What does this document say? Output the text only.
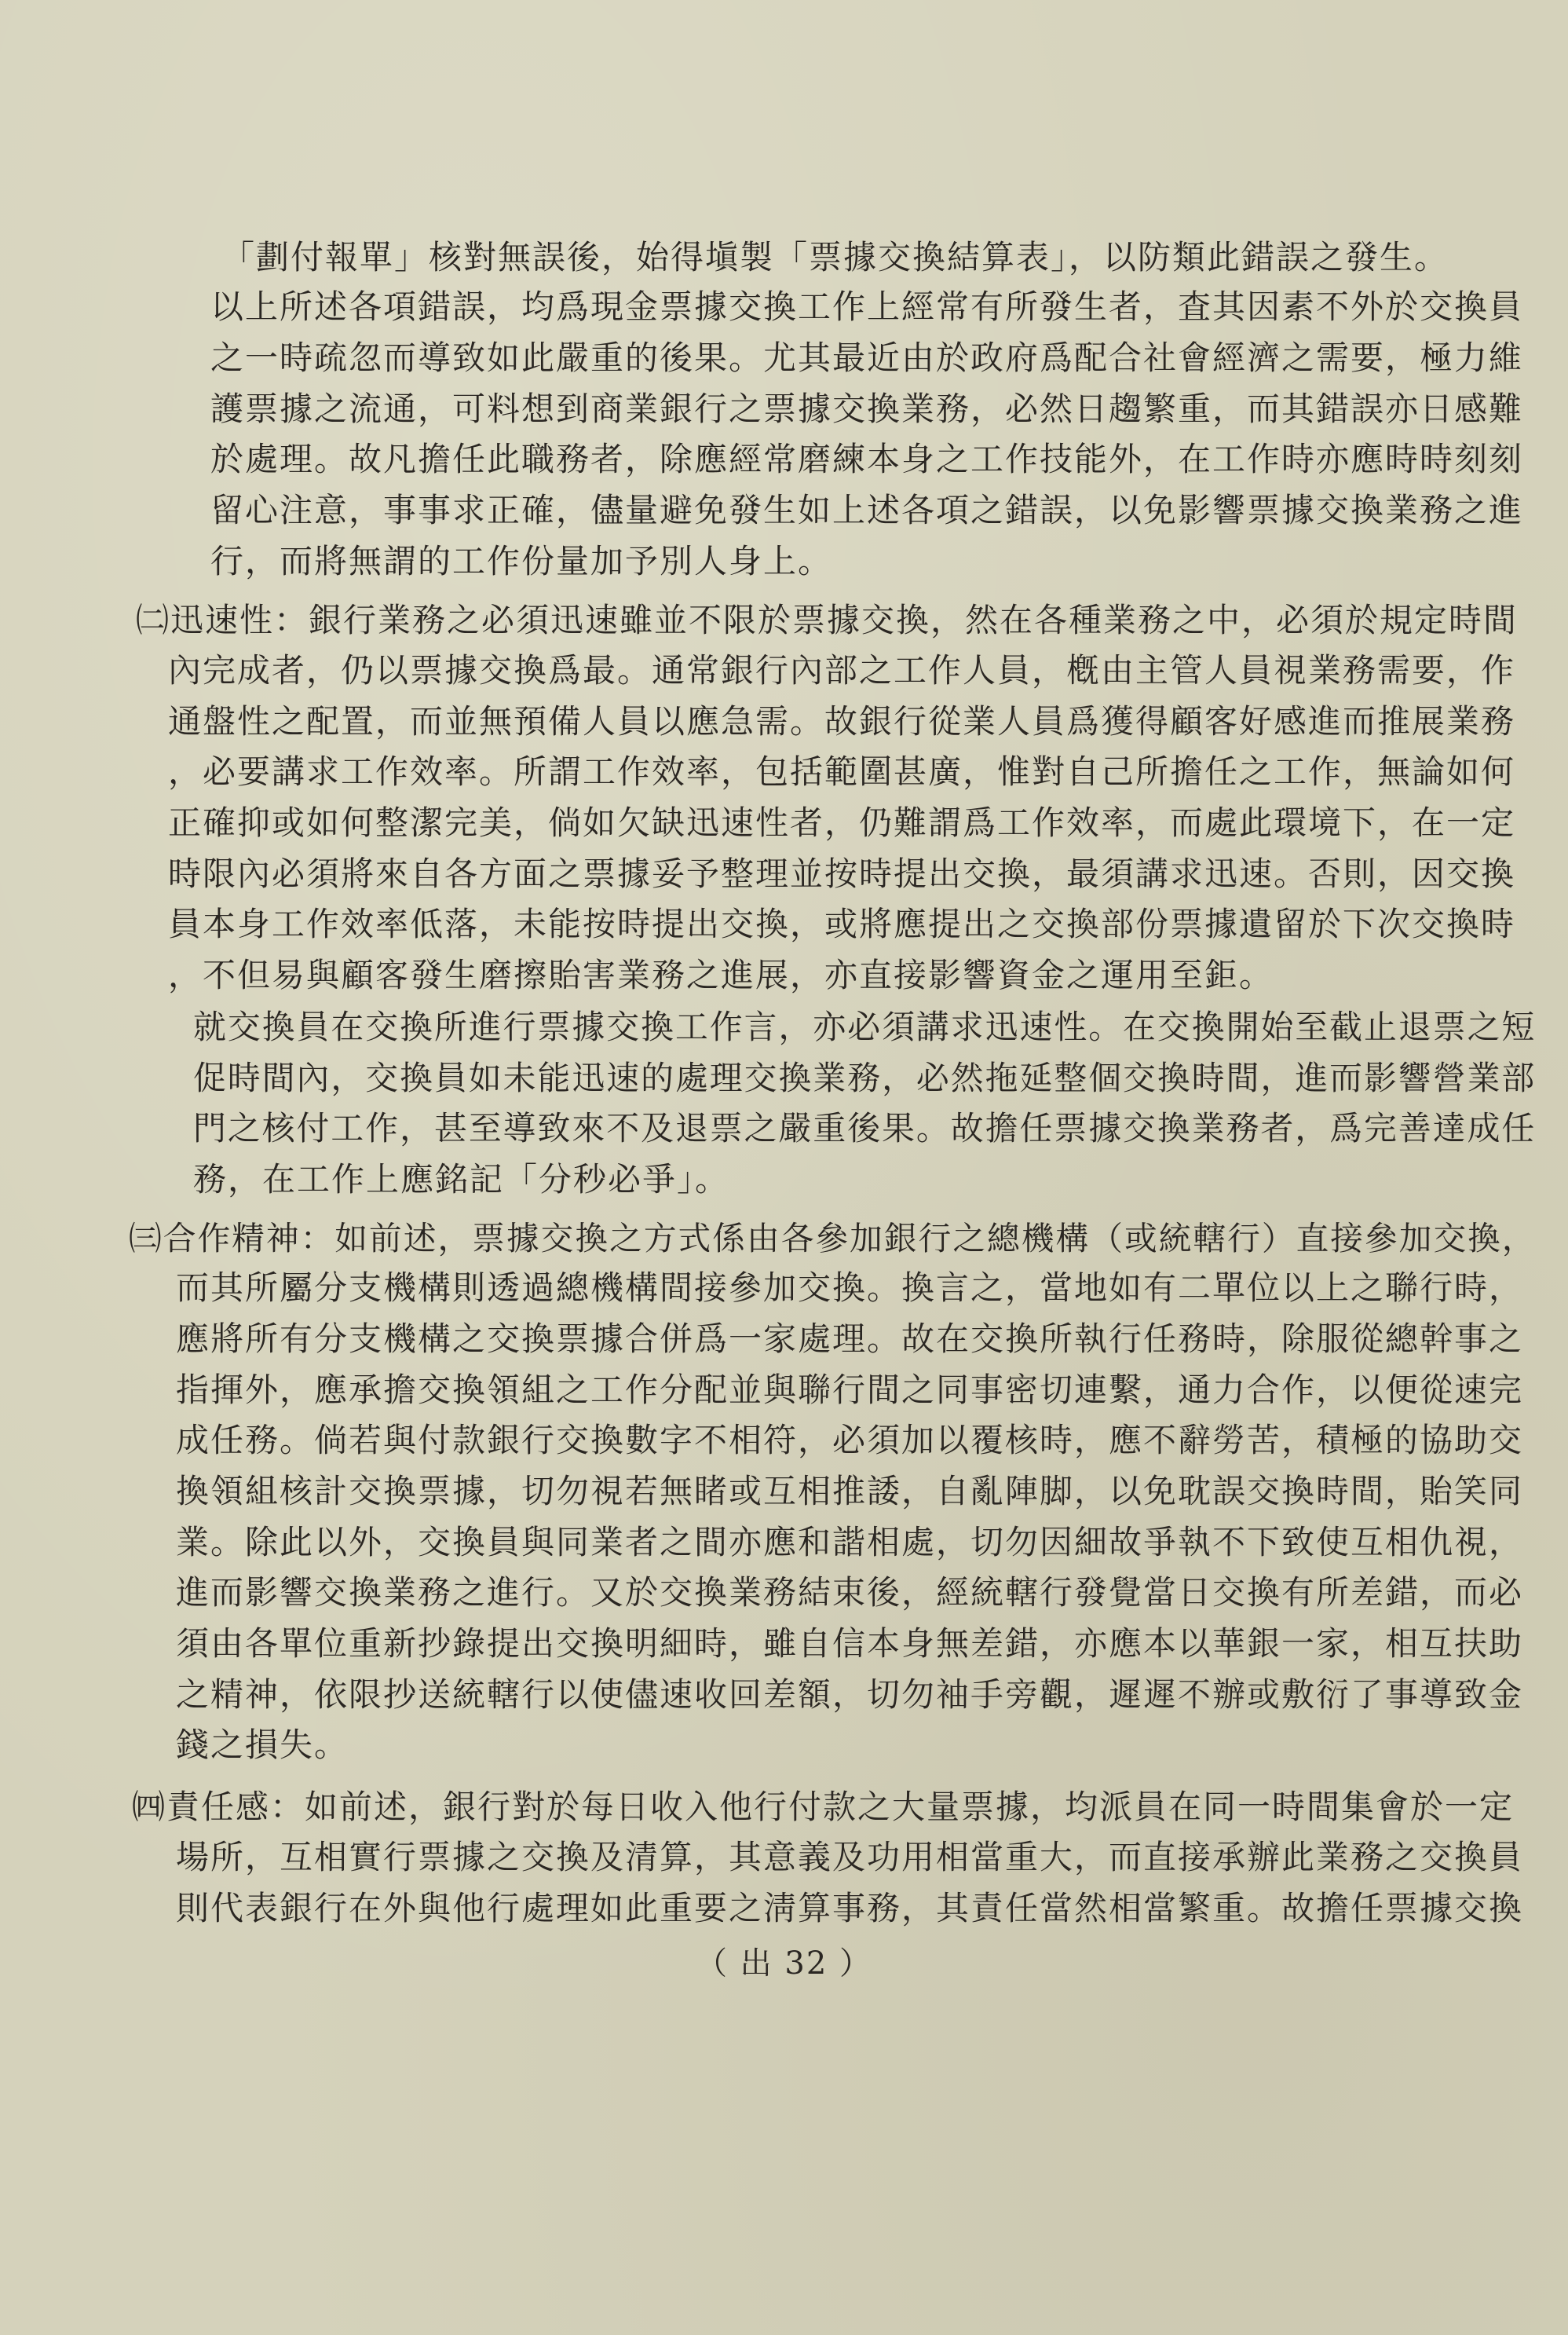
「劃付報單」核對無誤後，始得塡製「票據交換結算表」，以防類此錯誤之發生。
以上所述各項錯誤，均爲現金票據交換工作上經常有所發生者，査其因素不外於交換員
之一時疏忽而導致如此嚴重的後果。尤其最近由於政府爲配合社會經濟之需要，極力維
護票據之流通，可料想到商業銀行之票據交換業務，必然日趨繁重，而其錯誤亦日感難
於處理。故凡擔任此職務者，除應經常磨練本身之工作技能外，在工作時亦應時時刻刻
留心注意，事事求正確，儘量避免發生如上述各項之錯誤，以免影響票據交換業務之進
行，而將無謂的工作份量加予別人身上。
㈡迅速性：銀行業務之必須迅速雖並不限於票據交換，然在各種業務之中，必須於規定時間
內完成者，仍以票據交換爲最。通常銀行內部之工作人員，槪由主管人員視業務需要，作
通盤性之配置，而並無預備人員以應急需。故銀行從業人員爲獲得顧客好感進而推展業務
，必要講求工作效率。所謂工作效率，包括範圍甚廣，惟對自己所擔任之工作，無論如何
正確抑或如何整潔完美，倘如欠缺迅速性者，仍難謂爲工作效率，而處此環境下，在一定
時限內必須將來自各方面之票據妥予整理並按時提出交換，最須講求迅速。否則，因交換
員本身工作效率低落，未能按時提出交換，或將應提出之交換部份票據遺留於下次交換時
，不但易與顧客發生磨擦貽害業務之進展，亦直接影響資金之運用至鉅。
就交換員在交換所進行票據交換工作言，亦必須講求迅速性。在交換開始至截止退票之短
促時間內，交換員如未能迅速的處理交換業務，必然拖延整個交換時間，進而影響營業部
門之核付工作，甚至導致來不及退票之嚴重後果。故擔任票據交換業務者，爲完善達成任
務，在工作上應銘記「分秒必爭」。
㈢合作精神：如前述，票據交換之方式係由各參加銀行之總機構（或統轄行）直接參加交換，
而其所屬分支機構則透過總機構間接參加交換。換言之，當地如有二單位以上之聯行時，
應將所有分支機構之交換票據合併爲一家處理。故在交換所執行任務時，除服從總幹事之
指揮外，應承擔交換領組之工作分配並與聯行間之同事密切連繫，通力合作，以便從速完
成任務。倘若與付款銀行交換數字不相符，必須加以覆核時，應不辭勞苦，積極的協助交
換領組核計交換票據，切勿視若無睹或互相推諉，自亂陣脚，以免耽誤交換時間，貽笑同
業。除此以外，交換員與同業者之間亦應和諧相處，切勿因細故爭執不下致使互相仇視，
進而影響交換業務之進行。又於交換業務結束後，經統轄行發覺當日交換有所差錯，而必
須由各單位重新抄錄提出交換明細時，雖自信本身無差錯，亦應本以華銀一家，相互扶助
之精神，依限抄送統轄行以使儘速收回差額，切勿袖手旁觀，遲遲不辦或敷衍了事導致金
錢之損失。
㈣責任感：如前述，銀行對於每日收入他行付款之大量票據，均派員在同一時間集會於一定
場所，互相實行票據之交換及清算，其意義及功用相當重大，而直接承辦此業務之交換員
則代表銀行在外與他行處理如此重要之淸算事務，其責任當然相當繁重。故擔任票據交換
（ 出 32 ）
